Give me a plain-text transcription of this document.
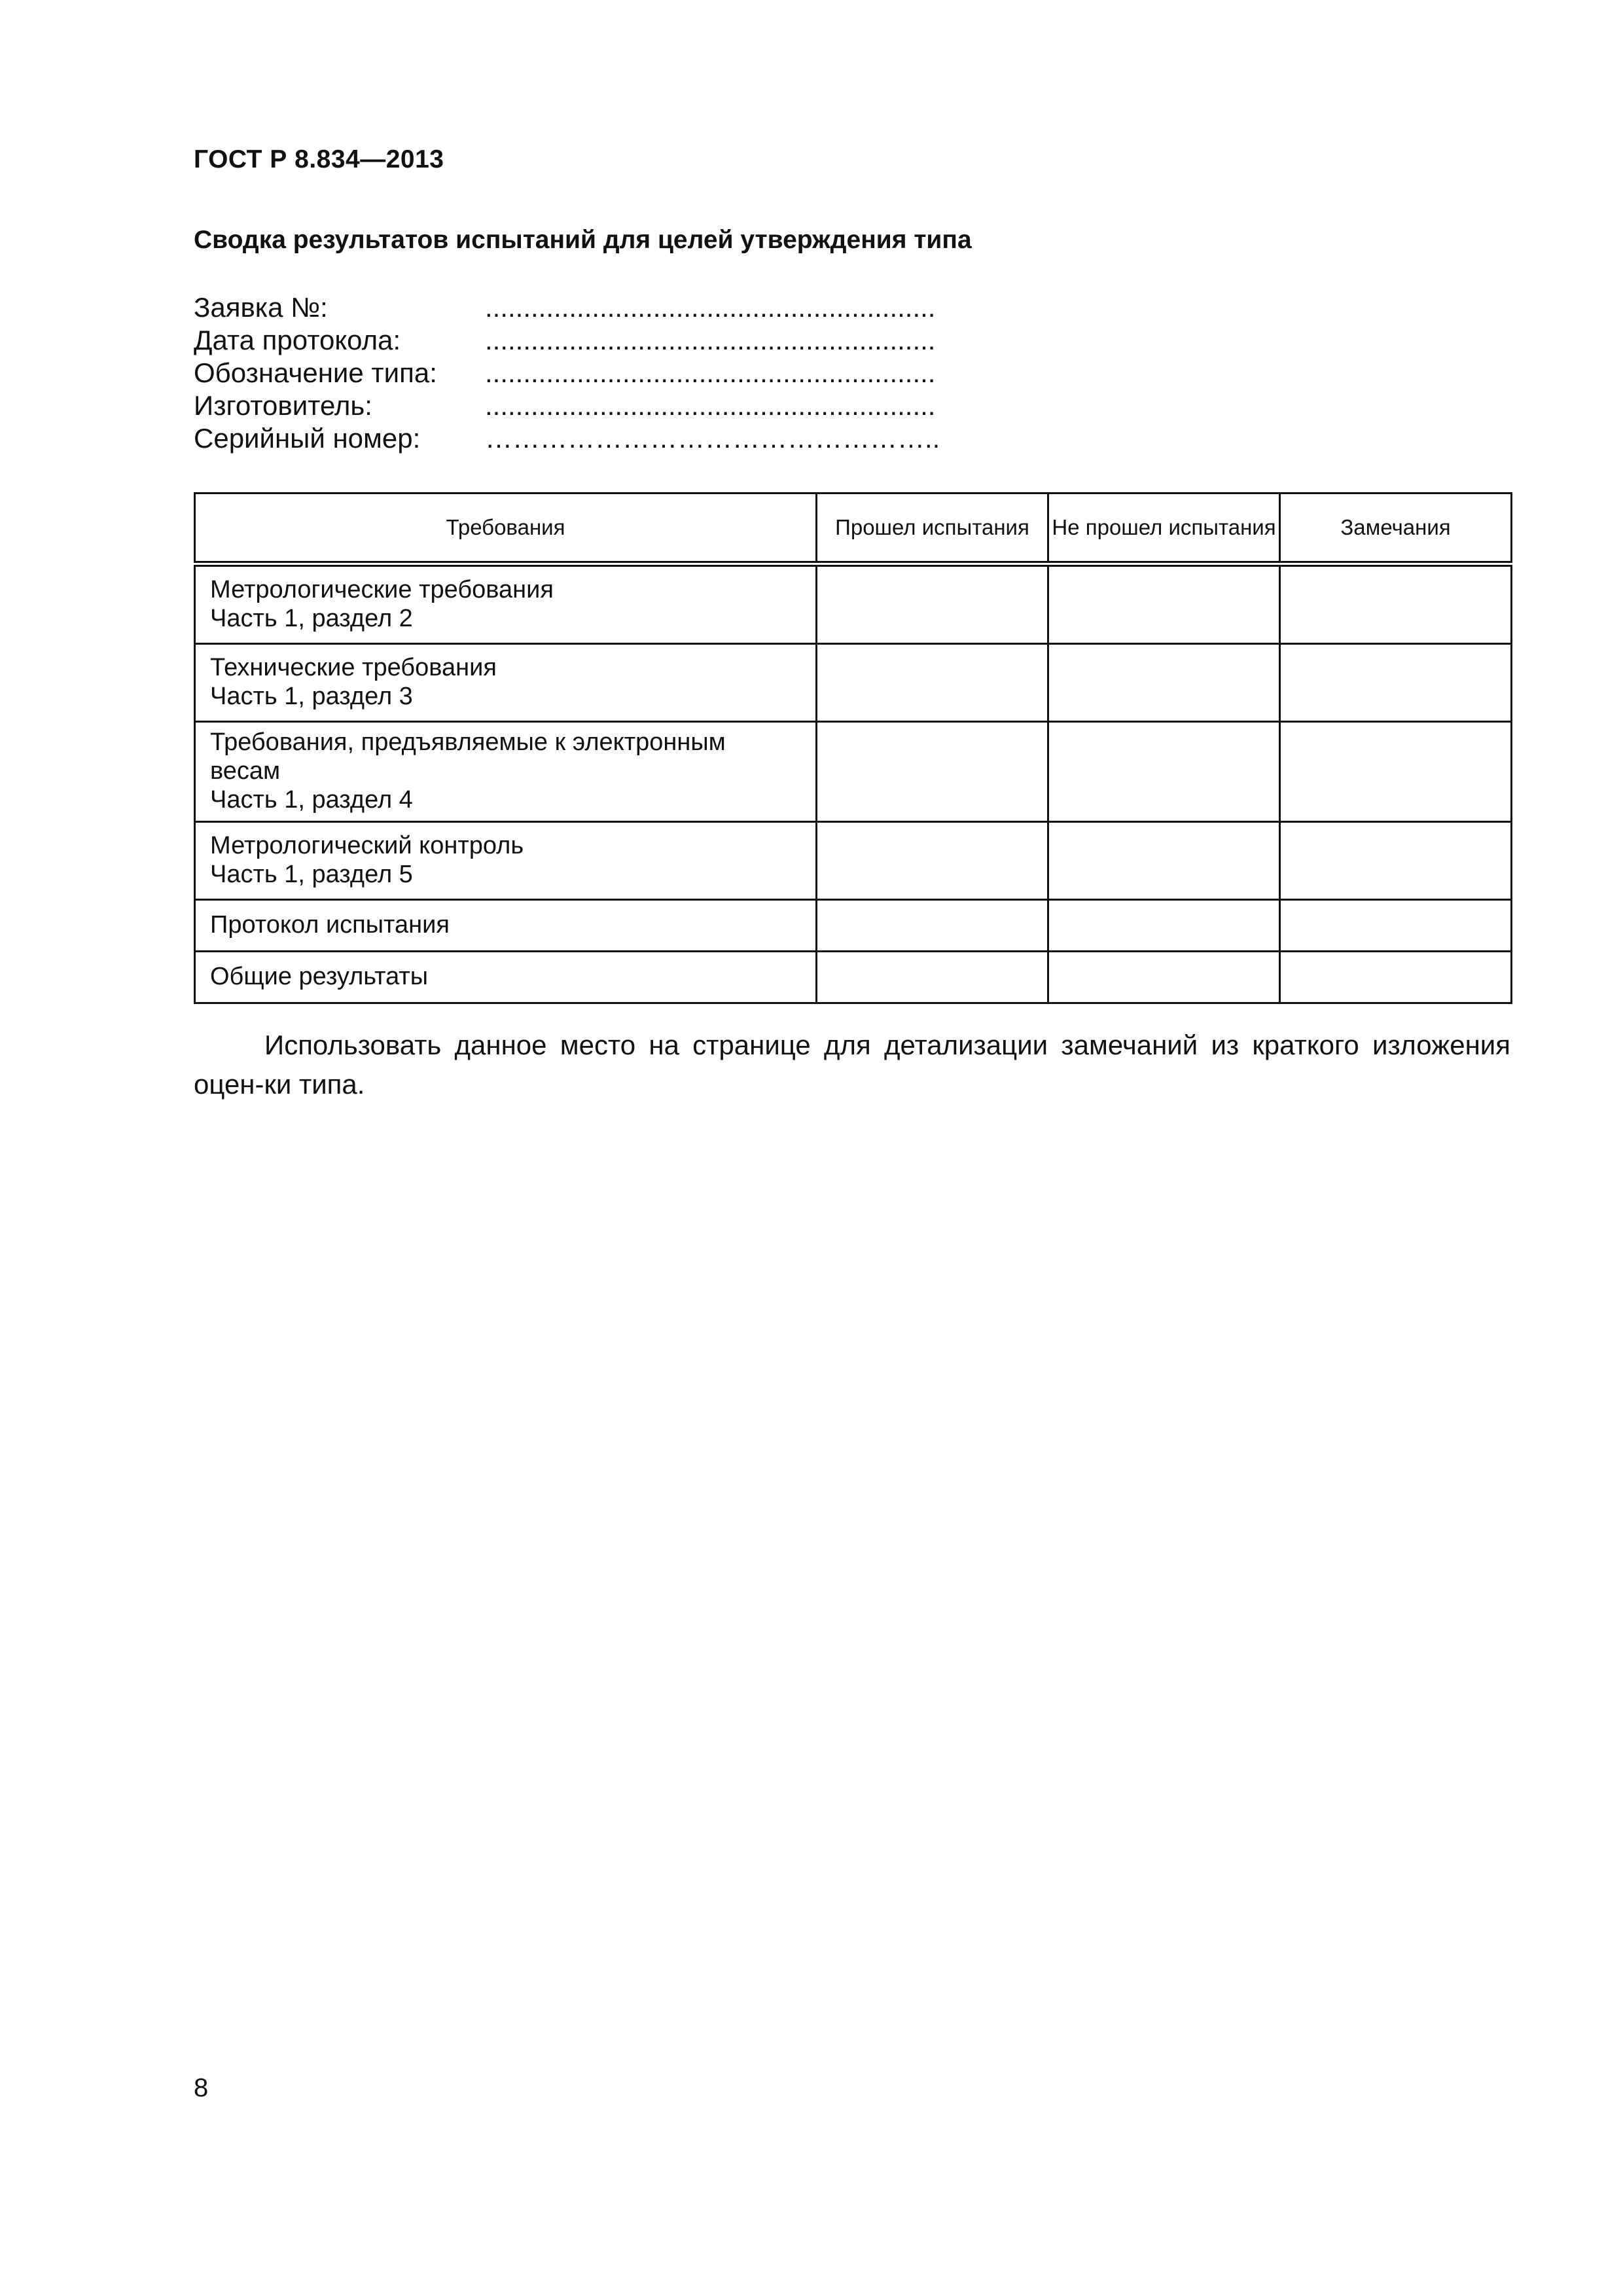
ГОСТ Р 8.834—2013
Сводка результатов испытаний для целей утверждения типа
Заявка №:	...........................................................
Дата протокола:	...........................................................
Обозначение типа: ...........................................................
Изготовитель:	...........................................................
Серийный номер: …………………………………………..
Требования	Прошел испытания	Не прошел испытания	Замечания

Метрологические требования
Часть 1, раздел 2			

Технические требования
Часть 1, раздел 3			

Требования, предъявляемые к электронным весам
Часть 1, раздел 4			

Метрологический контроль
Часть 1, раздел 5			

Протокол испытания			

Общие результаты			

Использовать данное место на странице для детализации замечаний из краткого изложения оцен-ки типа.

8
